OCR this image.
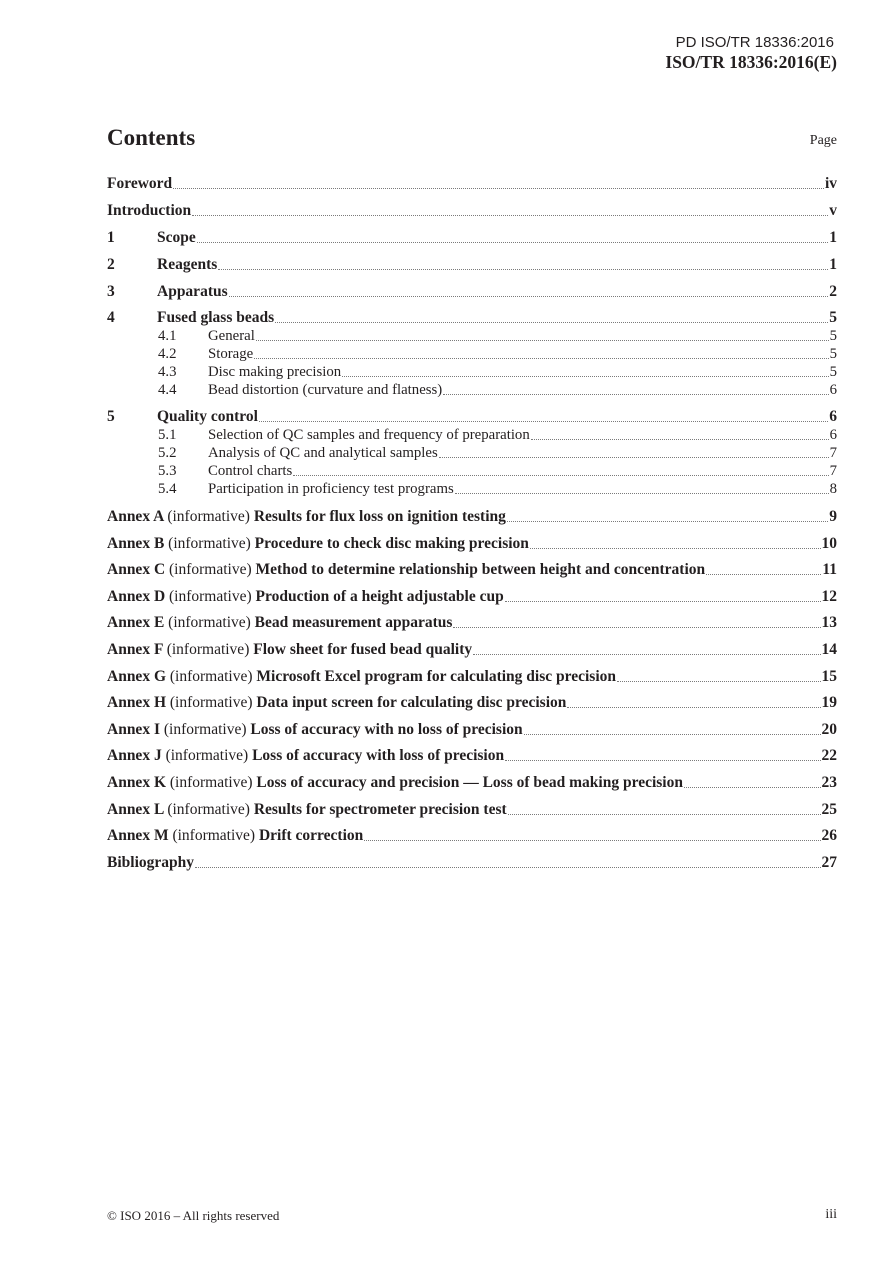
PD ISO/TR 18336:2016
ISO/TR 18336:2016(E)
Contents	Page
Foreword	iv
Introduction	v
1	Scope	1
2	Reagents	1
3	Apparatus	2
4	Fused glass beads	5
4.1	General	5
4.2	Storage	5
4.3	Disc making precision	5
4.4	Bead distortion (curvature and flatness)	6
5	Quality control	6
5.1	Selection of QC samples and frequency of preparation	6
5.2	Analysis of QC and analytical samples	7
5.3	Control charts	7
5.4	Participation in proficiency test programs	8
Annex A (informative) Results for flux loss on ignition testing	9
Annex B (informative) Procedure to check disc making precision	10
Annex C (informative) Method to determine relationship between height and concentration	11
Annex D (informative) Production of a height adjustable cup	12
Annex E (informative) Bead measurement apparatus	13
Annex F (informative) Flow sheet for fused bead quality	14
Annex G (informative) Microsoft Excel program for calculating disc precision	15
Annex H (informative) Data input screen for calculating disc precision	19
Annex I (informative) Loss of accuracy with no loss of precision	20
Annex J (informative) Loss of accuracy with loss of precision	22
Annex K (informative) Loss of accuracy and precision — Loss of bead making precision	23
Annex L (informative) Results for spectrometer precision test	25
Annex M (informative) Drift correction	26
Bibliography	27
© ISO 2016 – All rights reserved	iii
